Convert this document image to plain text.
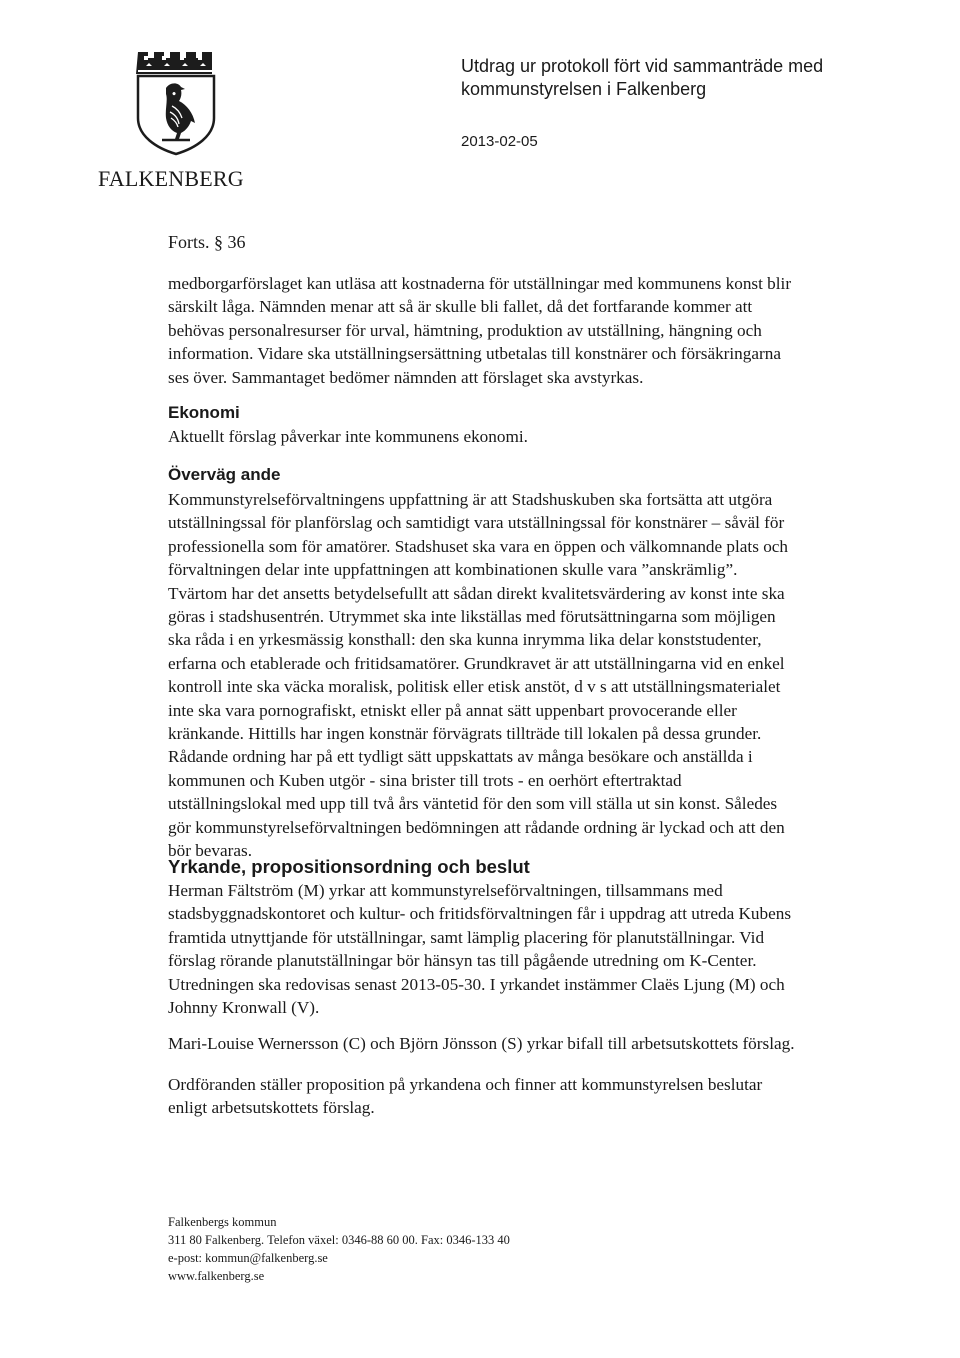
FALKENBERG
Utdrag ur protokoll fört vid sammanträde med
kommunstyrelsen i Falkenberg
2013-02-05
Forts. § 36
medborgarförslaget kan utläsa att kostnaderna för utställningar med kommunens konst blir
särskilt låga. Nämnden menar att så är skulle bli fallet, då det fortfarande kommer att
behövas personalresurser för urval, hämtning, produktion av utställning, hängning och
information. Vidare ska utställningsersättning utbetalas till konstnärer och försäkringarna
ses över. Sammantaget bedömer nämnden att förslaget ska avstyrkas.
Ekonomi
Aktuellt förslag påverkar inte kommunens ekonomi.
Överväg ande
Kommunstyrelseförvaltningens uppfattning är att Stadshuskuben ska fortsätta att utgöra
utställningssal för planförslag och samtidigt vara utställningssal för konstnärer – såväl för
professionella som för amatörer. Stadshuset ska vara en öppen och välkomnande plats och
förvaltningen delar inte uppfattningen att kombinationen skulle vara ”anskrämlig”.
Tvärtom har det ansetts betydelsefullt att sådan direkt kvalitetsvärdering av konst inte ska
göras i stadshusentrén. Utrymmet ska inte likställas med förutsättningarna som möjligen
ska råda i en yrkesmässig konsthall: den ska kunna inrymma lika delar konststudenter,
erfarna och etablerade och fritidsamatörer. Grundkravet är att utställningarna vid en enkel
kontroll inte ska väcka moralisk, politisk eller etisk anstöt, d v s att utställningsmaterialet
inte ska vara pornografiskt, etniskt eller på annat sätt uppenbart provocerande eller
kränkande. Hittills har ingen konstnär förvägrats tillträde till lokalen på dessa grunder.
Rådande ordning har på ett tydligt sätt uppskattats av många besökare och anställda i
kommunen och Kuben utgör - sina brister till trots - en oerhört eftertraktad
utställningslokal med upp till två års väntetid för den som vill ställa ut sin konst. Således
gör kommunstyrelseförvaltningen bedömningen att rådande ordning är lyckad och att den
bör bevaras.
Yrkande, propositionsordning och beslut
Herman Fältström (M) yrkar att kommunstyrelseförvaltningen, tillsammans med
stadsbyggnadskontoret och kultur- och fritidsförvaltningen får i uppdrag att utreda Kubens
framtida utnyttjande för utställningar, samt lämplig placering för planutställningar. Vid
förslag rörande planutställningar bör hänsyn tas till pågående utredning om K-Center.
Utredningen ska redovisas senast 2013-05-30. I yrkandet instämmer Claës Ljung (M) och
Johnny Kronwall (V).
Mari-Louise Wernersson (C) och Björn Jönsson (S) yrkar bifall till arbetsutskottets förslag.
Ordföranden ställer proposition på yrkandena och finner att kommunstyrelsen beslutar
enligt arbetsutskottets förslag.
Falkenbergs kommun
311 80 Falkenberg. Telefon växel: 0346-88 60 00. Fax: 0346-133 40
e-post: kommun@falkenberg.se
www.falkenberg.se
